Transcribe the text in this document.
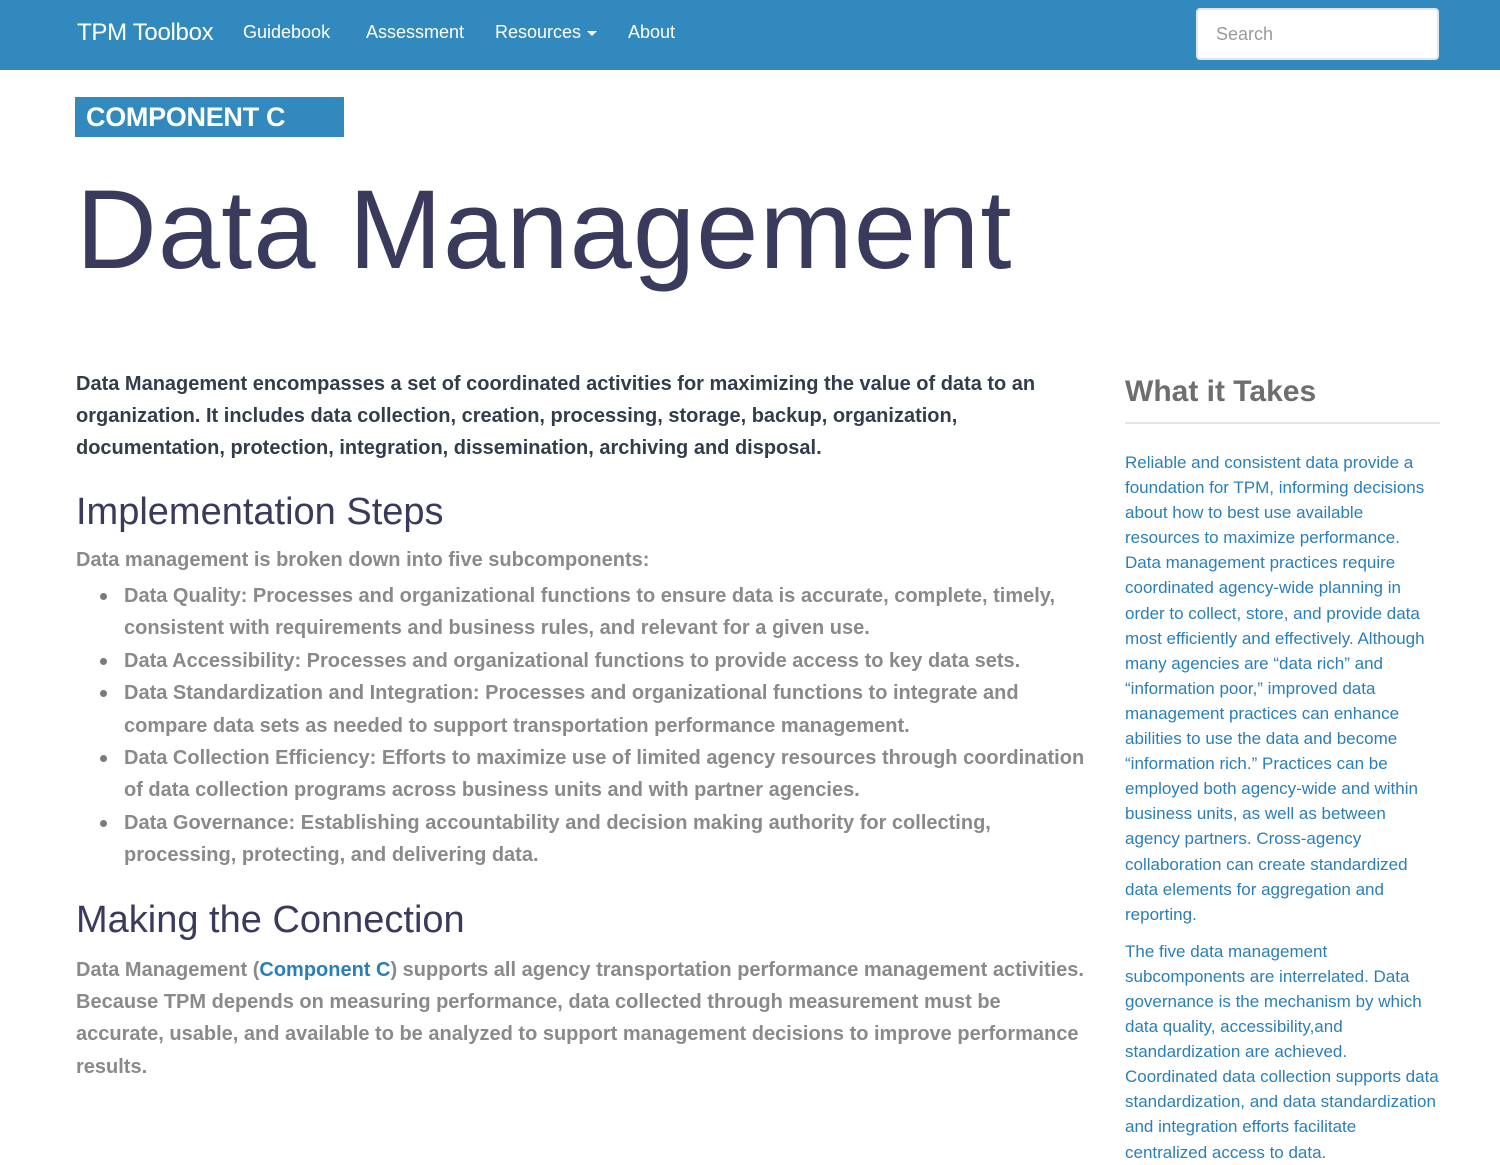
TPM Toolbox Guidebook Assessment Resources	About
Search
COMPONENT C
Data Management

Data Management encompasses a set of coordinated activities for maximizing the value of data to an organization. It includes data collection, creation, processing, storage, backup, organization, documentation, protection, integration, dissemination, archiving and disposal.

Implementation Steps

Data management is broken down into five subcomponents:

Data Quality: Processes and organizational functions to ensure data is accurate, complete, timely, consistent with requirements and business rules, and relevant for a given use.
Data Accessibility: Processes and organizational functions to provide access to key data sets.
Data Standardization and Integration: Processes and organizational functions to integrate and compare data sets as needed to support transportation performance management.
Data Collection Efficiency: Efforts to maximize use of limited agency resources through coordination of data collection programs across business units and with partner agencies.
Data Governance: Establishing accountability and decision making authority for collecting, processing, protecting, and delivering data.
Making the Connection

Data Management (Component C) supports all agency transportation performance management activities. Because TPM depends on measuring performance, data collected through measurement must be accurate, usable, and available to be analyzed to support management decisions to improve performance results.

What it Takes

Reliable and consistent data provide a foundation for TPM, informing decisions about how to best use available resources to maximize performance. Data management practices require coordinated agency-wide planning in order to collect, store, and provide data most efficiently and effectively. Although many agencies are “data rich” and “information poor,” improved data management practices can enhance abilities to use the data and become “information rich.” Practices can be employed both agency-wide and within business units, as well as between agency partners. Cross-agency collaboration can create standardized data elements for aggregation and reporting.

The five data management subcomponents are interrelated. Data governance is the mechanism by which data quality, accessibility,and standardization are achieved. Coordinated data collection supports data standardization, and data standardization and integration efforts facilitate centralized access to data.
